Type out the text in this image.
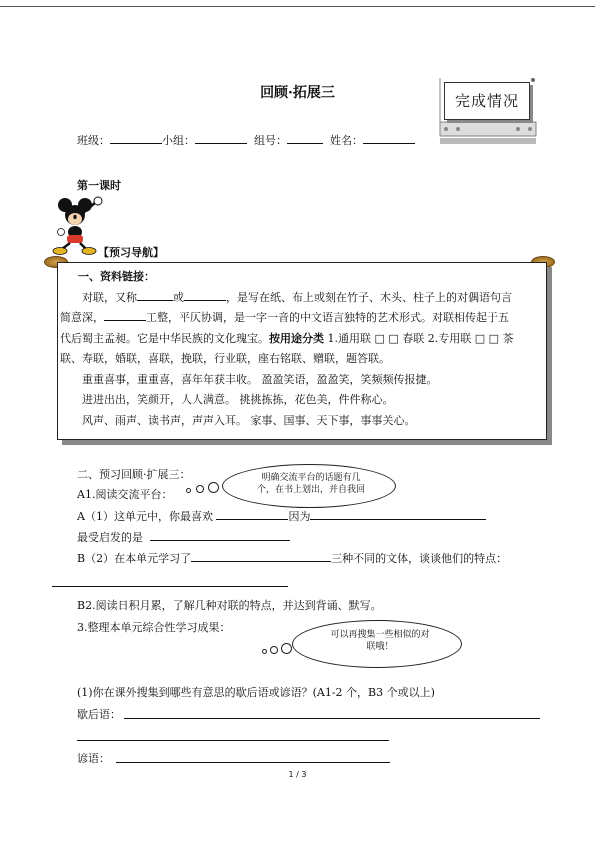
回顾·拓展三	完成情况
班级：	小组：	组号：	姓名：
第一课时
【预习导航】

一、资料链接：

对联，又称	或	，是写在纸、布上或刻在竹子、木头、柱子上的对偶语句言

简意深，	工整，平仄协调，是一字一音的中文语言独特的艺术形式。对联相传起于五

代后蜀主孟昶。它是中华民族的文化瑰宝。按用途分类 1.通用联 □ □ 春联 2.专用联 □ □ 茶

联、寿联，婚联，喜联，挽联，行业联，座右铭联、赠联，题答联。

重重喜事，重重喜，喜年年获丰收。 盈盈笑语，盈盈笑，笑频频传报捷。

进进出出，笑颜开，人人满意。 挑挑拣拣，花色美，件件称心。

风声、雨声、读书声，声声入耳。 家事、国事、天下事，事事关心。

二、预习回顾·扩展三：	明确交流平台的话题有几个，在书上划出，并自我回
A1.阅读交流平台：
A（1）这单元中，你最喜欢	因为
最受启发的是
B（2）在本单元学习了	三种不同的文体，谈谈他们的特点：
B2.阅读日积月累，了解几种对联的特点，并达到背诵、默写。
3.整理本单元综合性学习成果：
可以再搜集一些相似的对联哦！
(1)你在课外搜集到哪些有意思的歇后语或谚语？(A1-2 个，B3 个或以上)
歇后语：
谚语：
1 / 3
